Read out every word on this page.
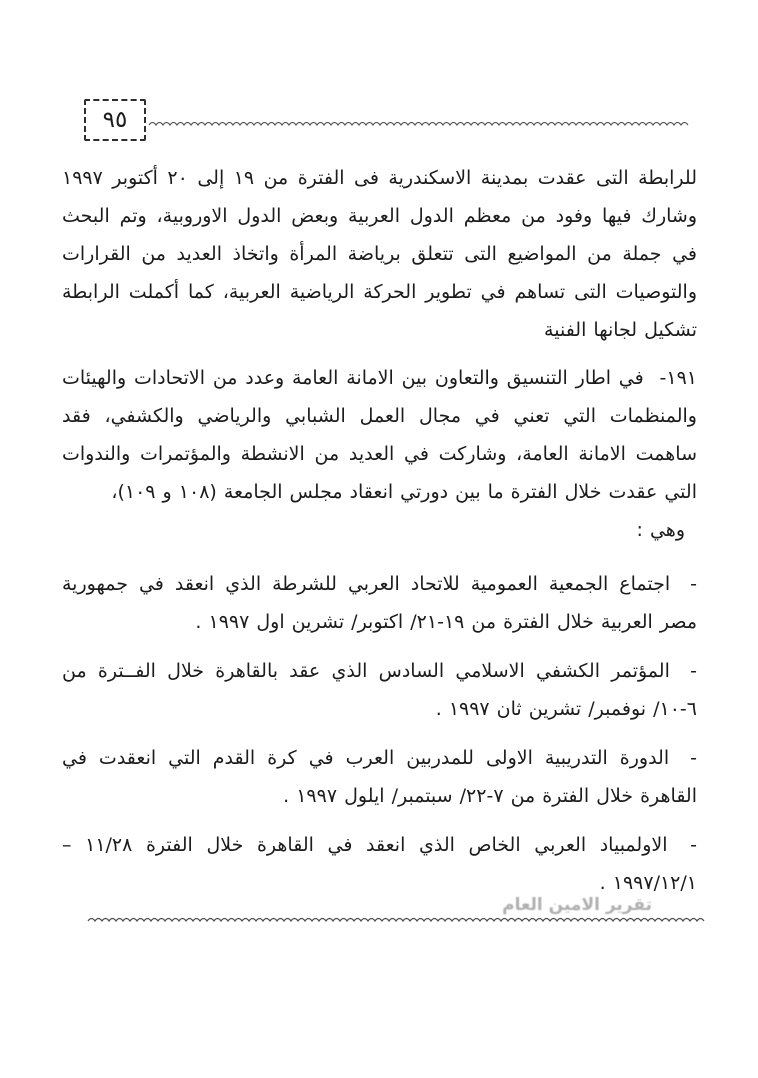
٩٥

للرابطة التى عقدت بمدينة الاسكندرية فى الفترة من ١٩ إلى ٢٠ أكتوبر ١٩٩٧ وشارك فيها وفود من معظم الدول العربية وبعض الدول الاوروبية، وتم البحث في جملة من المواضيع التى تتعلق برياضة المرأة واتخاذ العديد من القرارات والتوصيات التى تساهم في تطوير الحركة الرياضية العربية، كما أكملت الرابطة تشكيل لجانها الفنية

١٩١- في اطار التنسيق والتعاون بين الامانة العامة وعدد من الاتحادات والهيئات والمنظمات التي تعني في مجال العمل الشبابي والرياضي والكشفي، فقد ساهمت الامانة العامة، وشاركت في العديد من الانشطة والمؤتمرات والندوات التي عقدت خلال الفترة ما بين دورتي انعقاد مجلس الجامعة (١٠٨ و ١٠٩)،

وهي :

- اجتماع الجمعية العمومية للاتحاد العربي للشرطة الذي انعقد في جمهورية مصر العربية خلال الفترة من ١٩-٢١/ اكتوبر/ تشرين اول ١٩٩٧ .

- المؤتمر الكشفي الاسلامي السادس الذي عقد بالقاهرة خلال الفــترة من ٦-١٠/ نوفمبر/ تشرين ثان ١٩٩٧ .

- الدورة التدريبية الاولى للمدربين العرب في كرة القدم التي انعقدت في القاهرة خلال الفترة من ٧-٢٢/ سبتمبر/ ايلول ١٩٩٧ .

- الاولمبياد العربي الخاص الذي انعقد في القاهرة خلال الفترة ١١/٢٨ – ١٩٩٧/١٢/١ .

تقرير الامين العام
